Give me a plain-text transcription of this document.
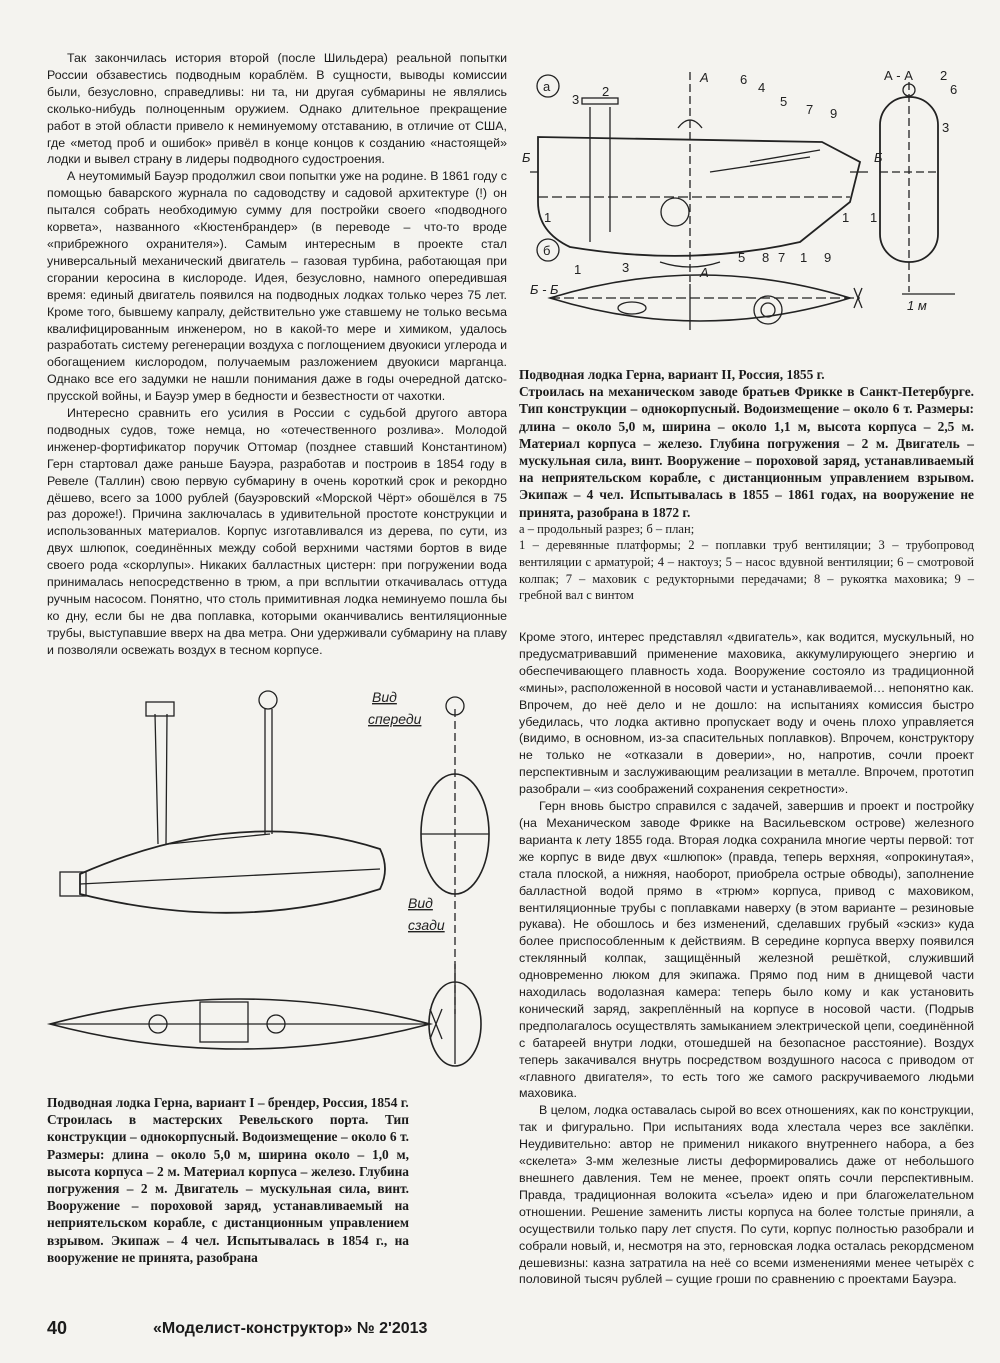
Так закончилась история второй (после Шильдера) реальной попытки России обзавестись подводным кораблём. В сущности, выводы комиссии были, безусловно, справедливы: ни та, ни другая субмарины не являлись сколько-нибудь полноценным оружием. Однако длительное прекращение работ в этой области привело к неминуемому отставанию, в отличие от США, где «метод проб и ошибок» привёл в конце концов к созданию «настоящей» лодки и вывел страну в лидеры подводного судостроения.

А неутомимый Бауэр продолжил свои попытки уже на родине. В 1861 году с помощью баварского журнала по садоводству и садовой архитектуре (!) он пытался собрать необходимую сумму для постройки своего «подводного корвета», названного «Кюстенбрандер» (в переводе – что-то вроде «прибрежного охранителя»). Самым интересным в проекте стал универсальный механический двигатель – газовая турбина, работающая при сгорании керосина в кислороде. Идея, безусловно, намного опередившая время: единый двигатель появился на подводных лодках только через 75 лет. Кроме того, бывшему капралу, действительно уже ставшему не только весьма квалифицированным инженером, но в какой-то мере и химиком, удалось разработать систему регенерации воздуха с поглощением двуокиси углерода и обогащением кислородом, получаемым разложением двуокиси марганца. Однако все его задумки не нашли понимания даже в годы очередной датско-прусской войны, и Бауэр умер в бедности и безвестности от чахотки.

Интересно сравнить его усилия в России с судьбой другого автора подводных судов, тоже немца, но «отечественного розлива». Молодой инженер-фортификатор поручик Оттомар (позднее ставший Константином) Герн стартовал даже раньше Бауэра, разработав и построив в 1854 году в Ревеле (Таллин) свою первую субмарину в очень короткий срок и рекордно дёшево, всего за 1000 рублей (бауэровский «Морской Чёрт» обошёлся в 75 раз дороже!). Причина заключалась в удивительной простоте конструкции и использованных материалов. Корпус изготавливался из дерева, по сути, из двух шлюпок, соединённых между собой верхними частями бортов в виде своего рода «скорлупы». Никаких балластных цистерн: при погружении вода принималась непосредственно в трюм, а при всплытии откачивалась оттуда ручным насосом. Понятно, что столь примитивная лодка неминуемо пошла бы ко дну, если бы не два поплавка, которыми оканчивались вентиляционные трубы, выступавшие вверх на два метра. Они удерживали субмарину на плаву и позволяли освежать воздух в тесном корпусе.

а
б
А
А
Б	Б
А - А
Б - Б
1 м
1	1
2
3
4
5
6
7 9
1
3
2
6
1	3
5 8 7 1 9
Подводная лодка Герна, вариант II, Россия, 1855 г.
Строилась на механическом заводе братьев Фрикке в Санкт-Петербурге. Тип конструкции – однокорпусный. Водоизмещение – около 6 т. Размеры: длина – около 5,0 м, ширина – около 1,1 м, высота корпуса – 2,5 м. Материал корпуса – железо. Глубина погружения – 2 м. Двигатель – мускульная сила, винт. Вооружение – пороховой заряд, устанавливаемый на неприятельском корабле, с дистанционным управлением взрывом. Экипаж – 4 чел. Испытывалась в 1855 – 1861 годах, на вооружение не принята, разобрана в 1872 г.
а – продольный разрез; б – план;
1 – деревянные платформы; 2 – поплавки труб вентиляции; 3 – трубопровод вентиляции с арматурой; 4 – нактоуз; 5 – насос вдувной вентиляции; 6 – смотровой колпак; 7 – маховик с редукторными передачами; 8 – рукоятка маховика; 9 – гребной вал с винтом

Кроме этого, интерес представлял «двигатель», как водится, мускульный, но предусматривавший применение маховика, аккумулирующего энергию и обеспечивающего плавность хода. Вооружение состояло из традиционной «мины», расположенной в носовой части и устанавливаемой… непонятно как. Впрочем, до неё дело и не дошло: на испытаниях комиссия быстро убедилась, что лодка активно пропускает воду и очень плохо управляется (видимо, в основном, из-за спасительных поплавков). Впрочем, конструктору не только не «отказали в доверии», но, напротив, сочли проект перспективным и заслуживающим реализации в металле. Впрочем, прототип разобрали – «из соображений сохранения секретности».

Герн вновь быстро справился с задачей, завершив и проект и постройку (на Механическом заводе Фрикке на Васильевском острове) железного варианта к лету 1855 года. Вторая лодка сохранила многие черты первой: тот же корпус в виде двух «шлюпок» (правда, теперь верхняя, «опрокинутая», стала плоской, а нижняя, наоборот, приобрела острые обводы), заполнение балластной водой прямо в «трюм» корпуса, привод с маховиком, вентиляционные трубы с поплавками наверху (в этом варианте – резиновые рукава). Не обошлось и без изменений, сделавших грубый «эскиз» куда более приспособленным к действиям. В середине корпуса вверху появился стеклянный колпак, защищённый железной решёткой, служивший одновременно люком для экипажа. Прямо под ним в днищевой части находилась водолазная камера: теперь было кому и как установить конический заряд, закреплённый на корпусе в носовой части. (Подрыв предполагалось осуществлять замыканием электрической цепи, соединённой с батареей внутри лодки, отошедшей на безопасное расстояние). Воздух теперь закачивался внутрь посредством воздушного насоса с приводом от «главного двигателя», то есть того же самого раскручиваемого людьми маховика.

В целом, лодка оставалась сырой во всех отношениях, как по конструкции, так и фигурально. При испытаниях вода хлестала через все заклёпки. Неудивительно: автор не применил никакого внутреннего набора, а без «скелета» 3-мм железные листы деформировались даже от небольшого внешнего давления. Тем не менее, проект опять сочли перспективным. Правда, традиционная волокита «съела» идею и при благожелательном отношении. Решение заменить листы корпуса на более толстые приняли, а осуществили только пару лет спустя. По сути, корпус полностью разобрали и собрали новый, и, несмотря на это, герновская лодка осталась рекордсменом дешевизны: казна затратила на неё со всеми изменениями менее четырёх с половиной тысяч рублей – сущие гроши по сравнению с проектами Бауэра.

Вид
спереди
Вид
сзади
Подводная лодка Герна, вариант I – брендер, Россия, 1854 г.
Строилась в мастерских Ревельского порта. Тип конструкции – однокорпусный. Водоизмещение – около 6 т. Размеры: длина – около 5,0 м, ширина около – 1,0 м, высота корпуса – 2 м. Материал корпуса – железо. Глубина погружения – 2 м. Двигатель – мускульная сила, винт. Вооружение – пороховой заряд, устанавливаемый на неприятельском корабле, с дистанционным управлением взрывом. Экипаж – 4 чел. Испытывалась в 1854 г., на вооружение не принята, разобрана
40	«Моделист-конструктор» № 2'2013
